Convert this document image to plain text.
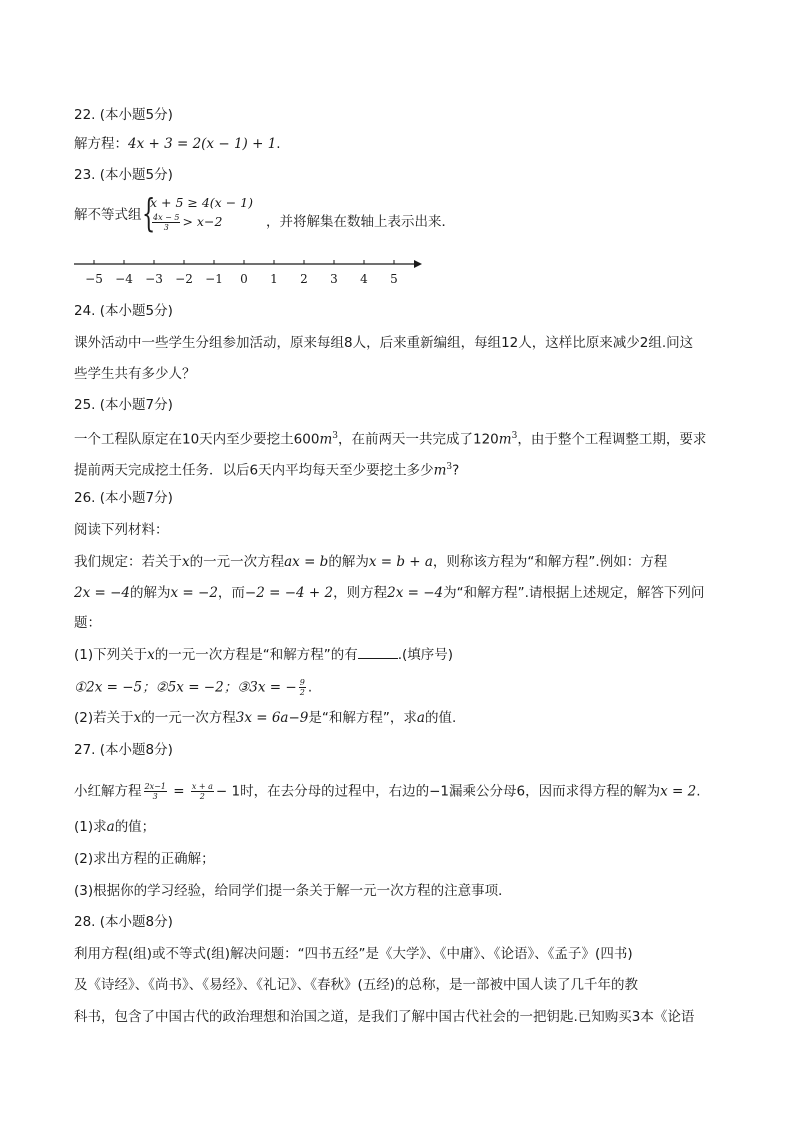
22. (本小题5分)
解方程：4x + 3 = 2(x − 1) + 1.
23. (本小题5分)
解不等式组 {
x + 5 ≥ 4(x − 1)
$\frac{4x - 5}{3} > x-2$	，并将解集在数轴上表示出来．
−5 −4 −3 −2 −1 0 1 2 3 4 5
24. (本小题5分)
课外活动中一些学生分组参加活动，原来每组8人，后来重新编组，每组12人，这样比原来减少2组.问这
些学生共有多少人？
25. (本小题7分)
一个工程队原定在10天内至少要挖土$600m^3$，在前两天一共完成了$120m^3$，由于整个工程调整工期，要求
提前两天完成挖土任务．以后6天内平均每天至少要挖土多少$m^3$?
26. (本小题7分)
阅读下列材料：
我们规定：若关于x的一元一次方程ax = b的解为x = b + a，则称该方程为“和解方程”.例如：方程
2x = −4的解为x = −2，而−2 = −4 + 2，则方程2x = −4为“和解方程”.请根据上述规定，解答下列问
题：
(1)下列关于x的一元一次方程是“和解方程”的有	.(填序号)
①2x = −5；②5x = −2；③3x = − $\frac{9}{2}$ .
(2)若关于x的一元一次方程3x = 6a−9是“和解方程”，求a的值.
27. (本小题8分)
小红解方程 $\frac{2x-1}{3} = \frac{x + a}{2} - 1$时，在去分母的过程中，右边的−1漏乘公分母6，因而求得方程的解为x = 2.
(1)求a的值；
(2)求出方程的正确解；
(3)根据你的学习经验，给同学们提一条关于解一元一次方程的注意事项．
28. (本小题8分)
利用方程(组)或不等式(组)解决问题：“四书五经”是《大学》、《中庸》、《论语》、《孟子》(四书)
及《诗经》、《尚书》、《易经》、《礼记》、《春秋》(五经)的总称，是一部被中国人读了几千年的教
科书，包含了中国古代的政治理想和治国之道，是我们了解中国古代社会的一把钥匙.已知购买3本《论语
